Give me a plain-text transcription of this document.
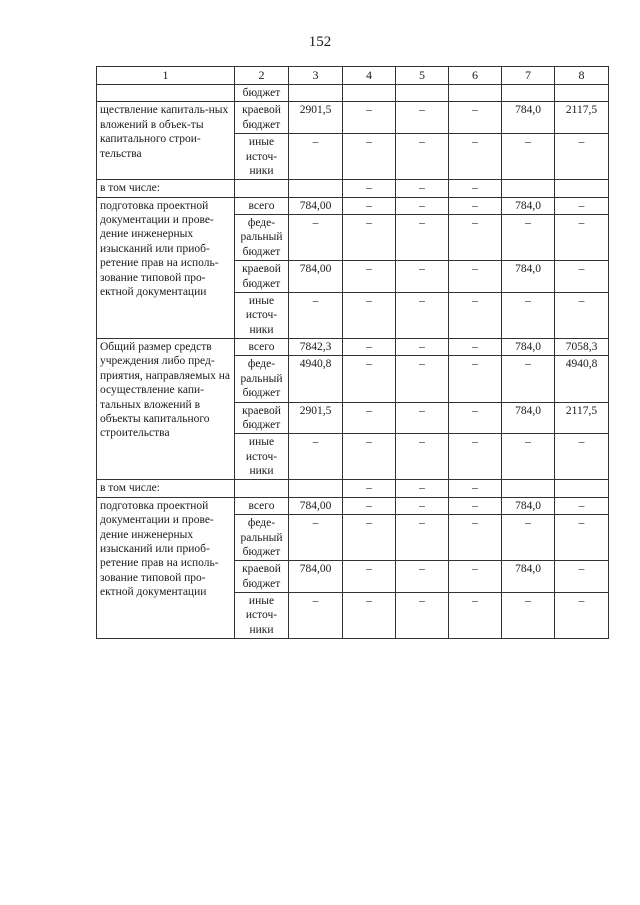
152
1	2	3	4	5	6	7	8
	бюджет						
ществление капиталь-ных вложений в объек-ты капитального строи-тельства	краевой бюджет	2901,5	–	–	–	784,0	2117,5
	иные источ-ники	–	–	–	–	–	–
в том числе:			–	–	–		
подготовка проектной документации и прове-дение инженерных изысканий или приоб-ретение прав на исполь-зование типовой про-ектной документации	всего	784,00	–	–	–	784,0	–
	феде-ральный бюджет	–	–	–	–	–	–
	краевой бюджет	784,00	–	–	–	784,0	–
	иные источ-ники	–	–	–	–	–	–
Общий размер средств учреждения либо пред-приятия, направляемых на осуществление капи-тальных вложений в объекты капитального строительства	всего	7842,3	–	–	–	784,0	7058,3
	феде-ральный бюджет	4940,8	–	–	–	–	4940,8
	краевой бюджет	2901,5	–	–	–	784,0	2117,5
	иные источ-ники	–	–	–	–	–	–
в том числе:			–	–	–		
подготовка проектной документации и прове-дение инженерных изысканий или приоб-ретение прав на исполь-зование типовой про-ектной документации	всего	784,00	–	–	–	784,0	–
	феде-ральный бюджет	–	–	–	–	–	–
	краевой бюджет	784,00	–	–	–	784,0	–
	иные источ-ники	–	–	–	–	–	–
